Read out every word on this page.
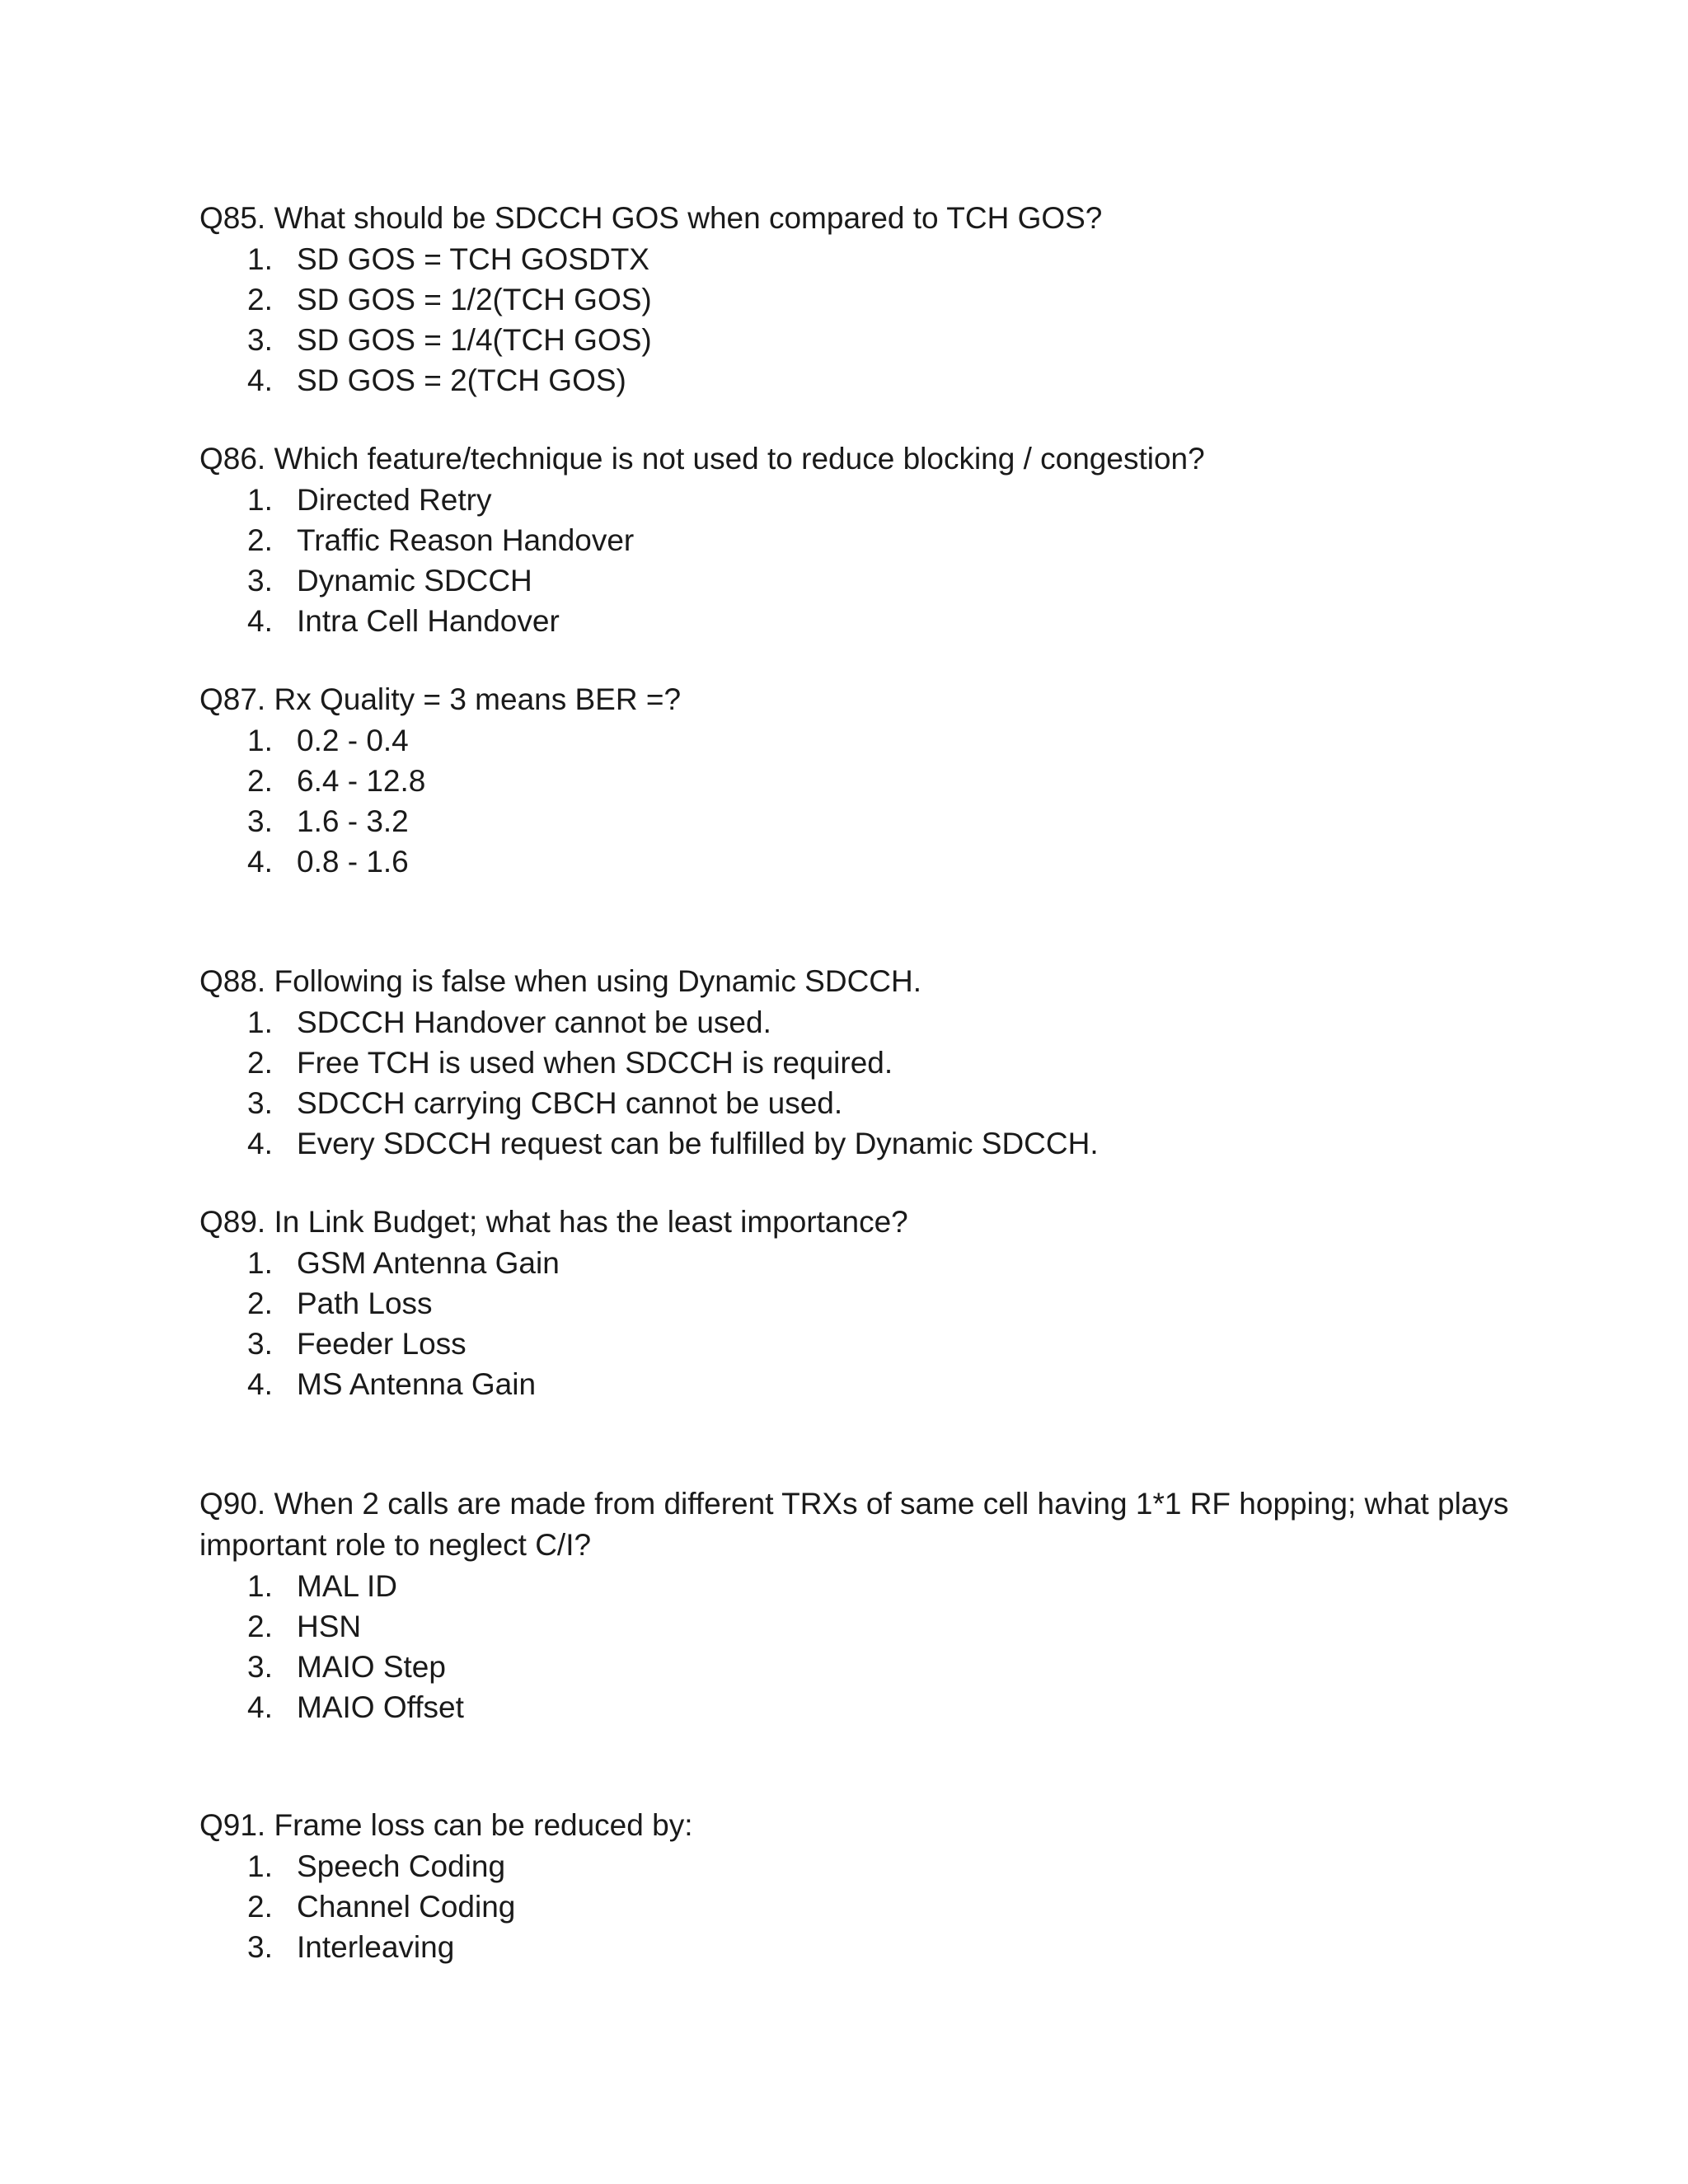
Q85. What should be SDCCH GOS when compared to TCH GOS?

1. SD GOS = TCH GOSDTX
2. SD GOS = 1/2(TCH GOS)
3. SD GOS = 1/4(TCH GOS)
4. SD GOS = 2(TCH GOS)

Q86. Which feature/technique is not used to reduce blocking / congestion?

1. Directed Retry
2. Traffic Reason Handover
3. Dynamic SDCCH
4. Intra Cell Handover

Q87. Rx Quality = 3 means BER =?

1. 0.2 - 0.4
2. 6.4 - 12.8
3. 1.6 - 3.2
4. 0.8 - 1.6

Q88. Following is false when using Dynamic SDCCH.

1. SDCCH Handover cannot be used.
2. Free TCH is used when SDCCH is required.
3. SDCCH carrying CBCH cannot be used.
4. Every SDCCH request can be fulfilled by Dynamic SDCCH.

Q89. In Link Budget; what has the least importance?

1. GSM Antenna Gain
2. Path Loss
3. Feeder Loss
4. MS Antenna Gain

Q90. When 2 calls are made from different TRXs of same cell having 1*1 RF hopping; what plays important role to neglect C/I?

1. MAL ID
2. HSN
3. MAIO Step
4. MAIO Offset

Q91. Frame loss can be reduced by:

1. Speech Coding
2. Channel Coding
3. Interleaving
